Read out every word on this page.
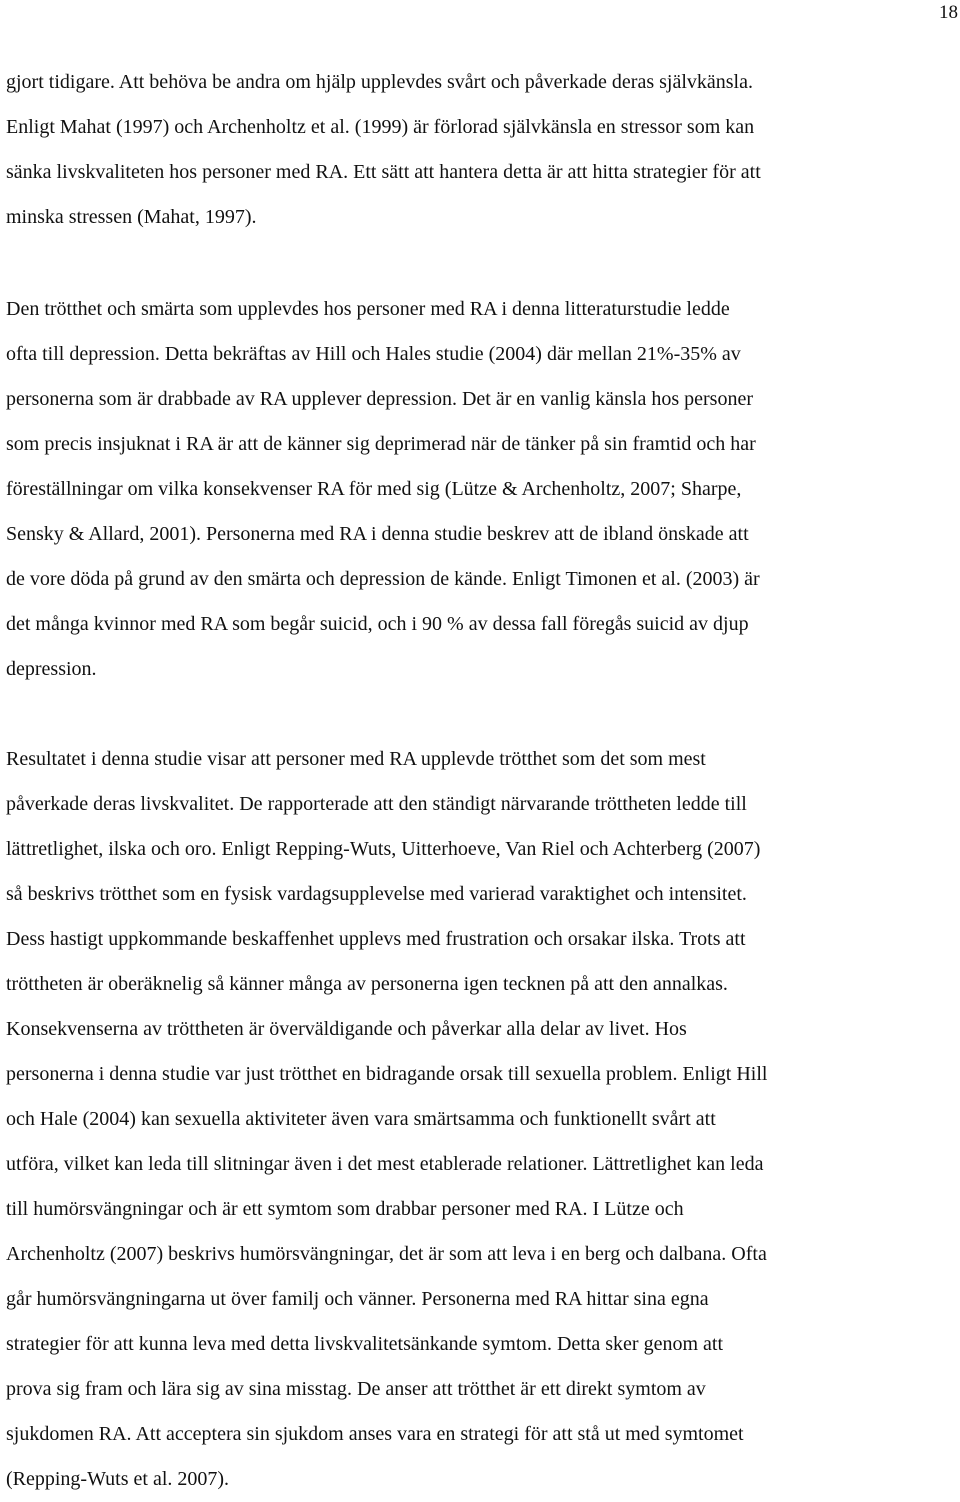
18
gjort tidigare. Att behöva be andra om hjälp upplevdes svårt och påverkade deras självkänsla.
Enligt Mahat (1997) och Archenholtz et al. (1999) är förlorad självkänsla en stressor som kan
sänka livskvaliteten hos personer med RA. Ett sätt att hantera detta är att hitta strategier för att
minska stressen (Mahat, 1997).
Den trötthet och smärta som upplevdes hos personer med RA i denna litteraturstudie ledde
ofta till depression. Detta bekräftas av Hill och Hales studie (2004) där mellan 21%-35% av
personerna som är drabbade av RA upplever depression. Det är en vanlig känsla hos personer
som precis insjuknat i RA är att de känner sig deprimerad när de tänker på sin framtid och har
föreställningar om vilka konsekvenser RA för med sig (Lütze & Archenholtz, 2007; Sharpe,
Sensky & Allard, 2001). Personerna med RA i denna studie beskrev att de ibland önskade att
de vore döda på grund av den smärta och depression de kände. Enligt Timonen et al. (2003) är
det många kvinnor med RA som begår suicid, och i 90 % av dessa fall föregås suicid av djup
depression.
Resultatet i denna studie visar att personer med RA upplevde trötthet som det som mest
påverkade deras livskvalitet. De rapporterade att den ständigt närvarande tröttheten ledde till
lättretlighet, ilska och oro. Enligt Repping-Wuts, Uitterhoeve, Van Riel och Achterberg (2007)
så beskrivs trötthet som en fysisk vardagsupplevelse med varierad varaktighet och intensitet.
Dess hastigt uppkommande beskaffenhet upplevs med frustration och orsakar ilska. Trots att
tröttheten är oberäknelig så känner många av personerna igen tecknen på att den annalkas.
Konsekvenserna av tröttheten är överväldigande och påverkar alla delar av livet. Hos
personerna i denna studie var just trötthet en bidragande orsak till sexuella problem. Enligt Hill
och Hale (2004) kan sexuella aktiviteter även vara smärtsamma och funktionellt svårt att
utföra, vilket kan leda till slitningar även i det mest etablerade relationer. Lättretlighet kan leda
till humörsvängningar och är ett symtom som drabbar personer med RA. I Lütze och
Archenholtz (2007) beskrivs humörsvängningar, det är som att leva i en berg och dalbana. Ofta
går humörsvängningarna ut över familj och vänner. Personerna med RA hittar sina egna
strategier för att kunna leva med detta livskvalitetsänkande symtom. Detta sker genom att
prova sig fram och lära sig av sina misstag. De anser att trötthet är ett direkt symtom av
sjukdomen RA. Att acceptera sin sjukdom anses vara en strategi för att stå ut med symtomet
(Repping-Wuts et al. 2007).
